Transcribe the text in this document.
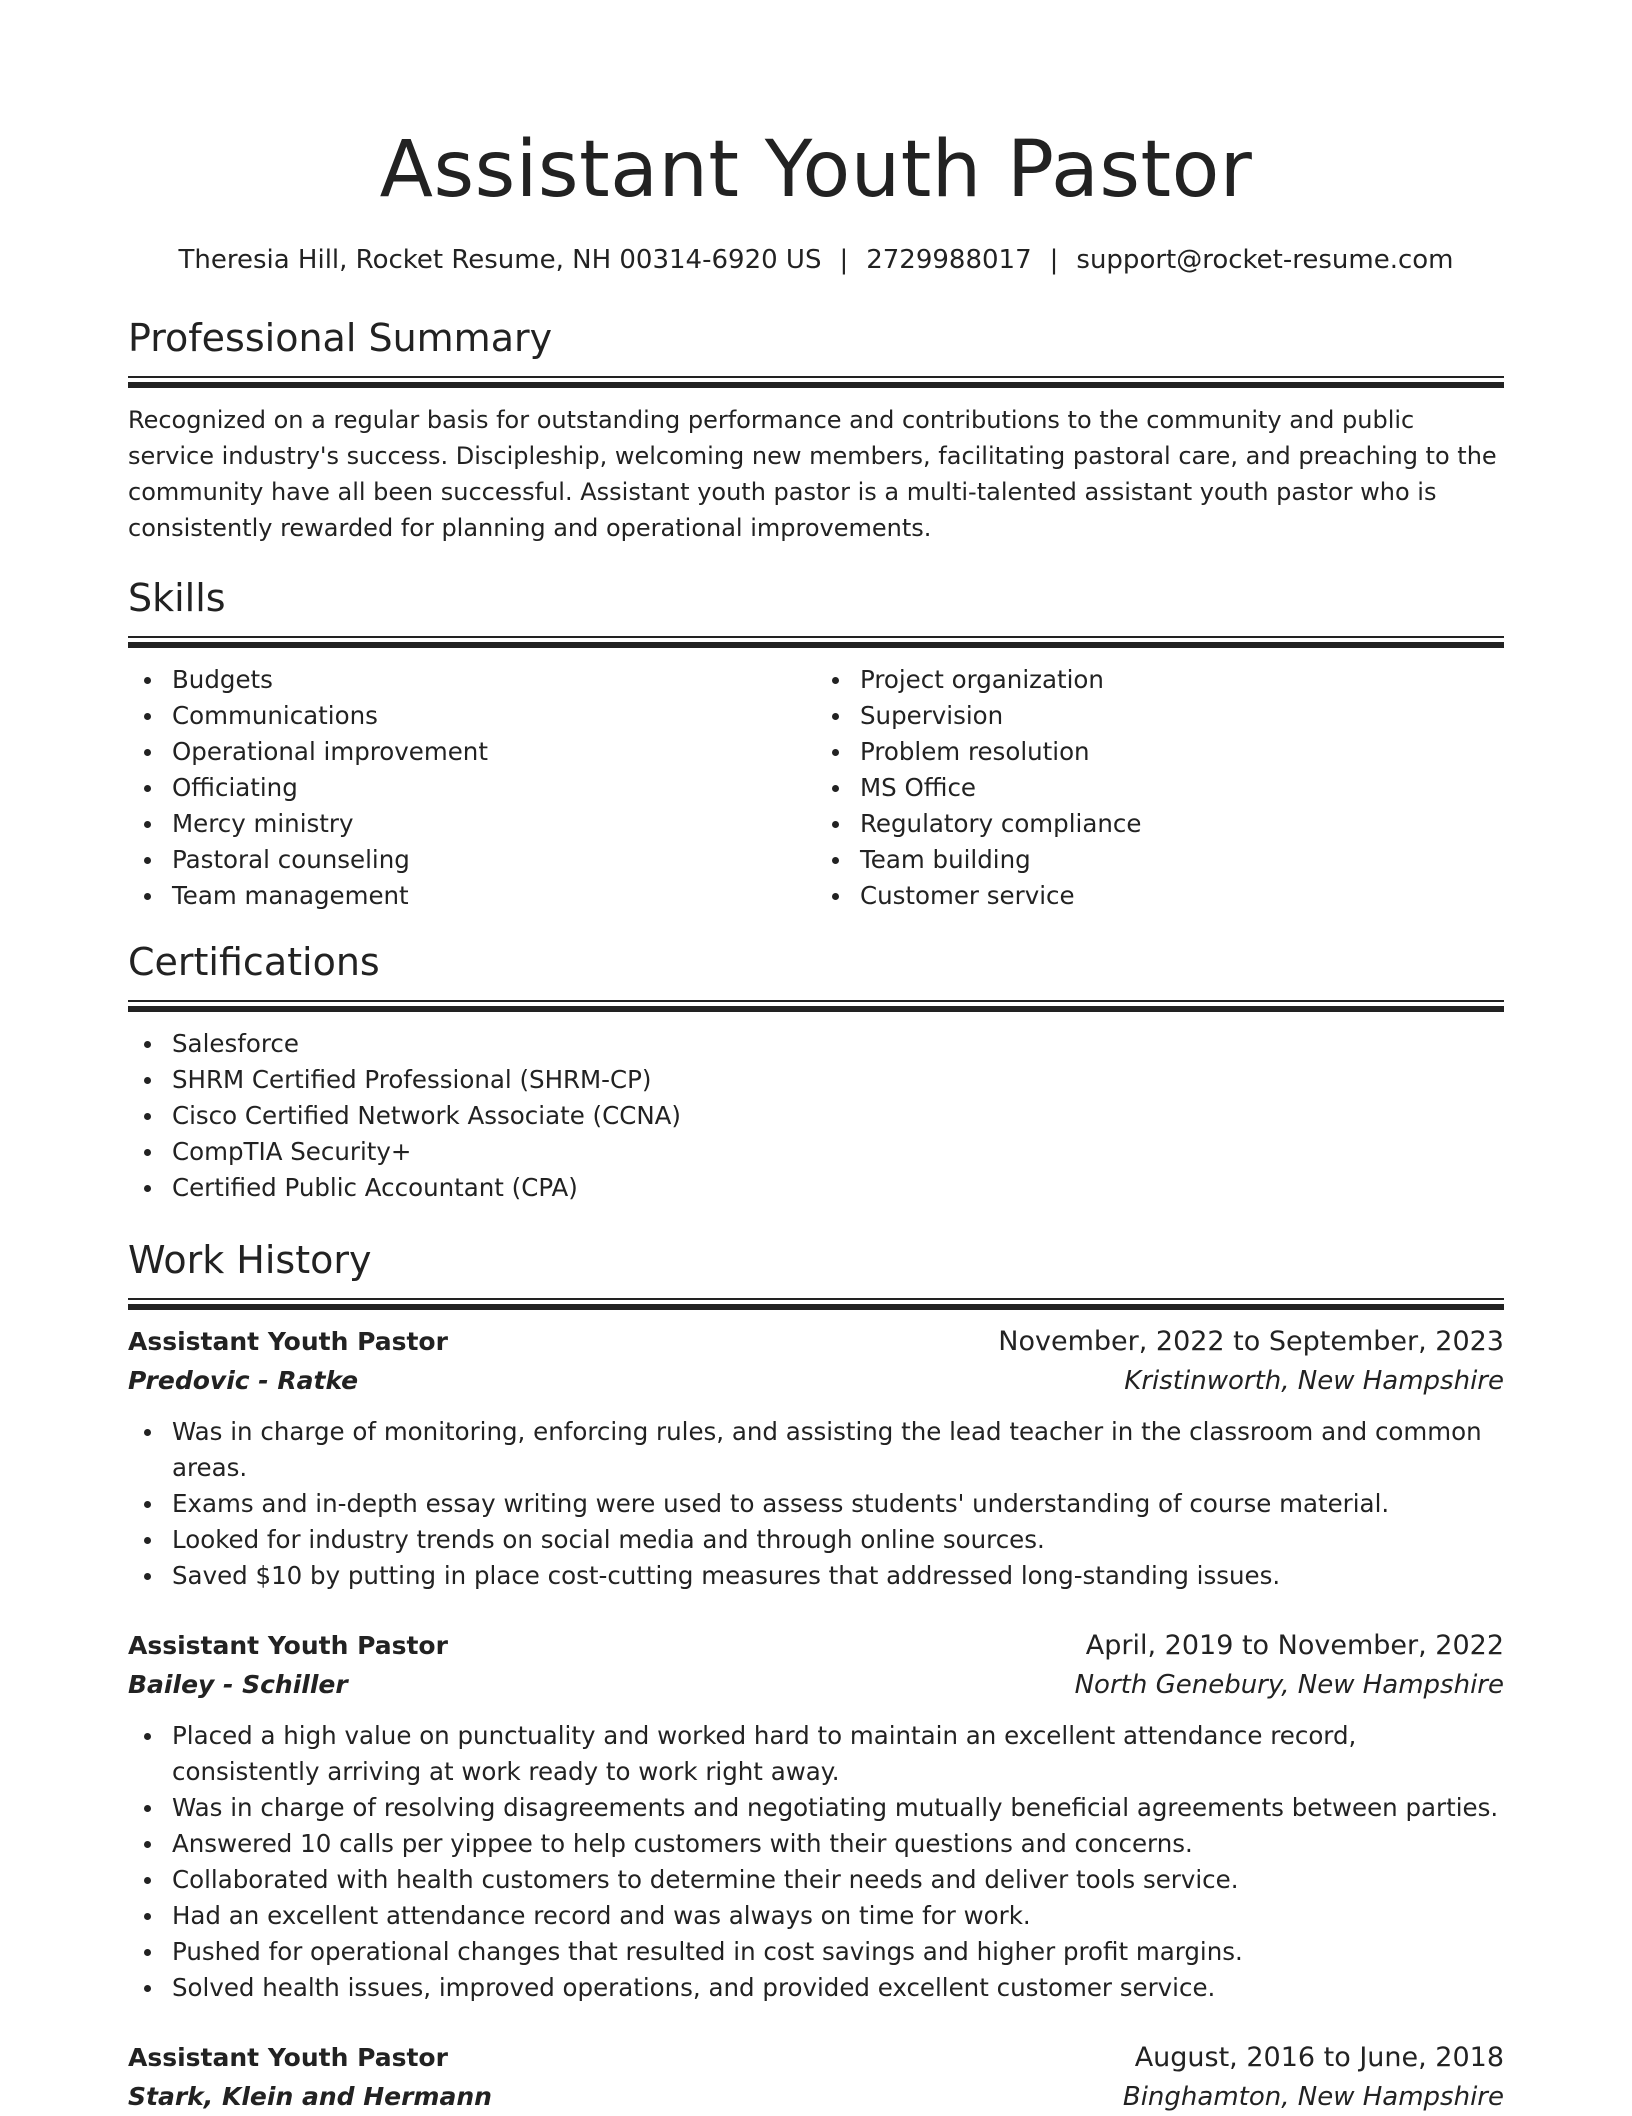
Assistant Youth Pastor
Theresia Hill, Rocket Resume, NH 00314-6920 US | 2729988017 | support@rocket-resume.com
Professional Summary

Recognized on a regular basis for outstanding performance and contributions to the community and public service industry's success. Discipleship, welcoming new members, facilitating pastoral care, and preaching to the community have all been successful. Assistant youth pastor is a multi-talented assistant youth pastor who is consistently rewarded for planning and operational improvements.

Skills
Budgets
Communications
Operational improvement
Officiating
Mercy ministry
Pastoral counseling
Team management
Project organization
Supervision
Problem resolution
MS Office
Regulatory compliance
Team building
Customer service
Certifications
Salesforce
SHRM Certified Professional (SHRM-CP)
Cisco Certified Network Associate (CCNA)
CompTIA Security+
Certified Public Accountant (CPA)
Work History
Assistant Youth Pastor	November, 2022 to September, 2023
Predovic - Ratke	Kristinworth, New Hampshire
Was in charge of monitoring, enforcing rules, and assisting the lead teacher in the classroom and common areas.
Exams and in-depth essay writing were used to assess students' understanding of course material.
Looked for industry trends on social media and through online sources.
Saved $10 by putting in place cost-cutting measures that addressed long-standing issues.
Assistant Youth Pastor	April, 2019 to November, 2022
Bailey - Schiller	North Genebury, New Hampshire
Placed a high value on punctuality and worked hard to maintain an excellent attendance record, consistently arriving at work ready to work right away.
Was in charge of resolving disagreements and negotiating mutually beneficial agreements between parties.
Answered 10 calls per yippee to help customers with their questions and concerns.
Collaborated with health customers to determine their needs and deliver tools service.
Had an excellent attendance record and was always on time for work.
Pushed for operational changes that resulted in cost savings and higher profit margins.
Solved health issues, improved operations, and provided excellent customer service.
Assistant Youth Pastor	August, 2016 to June, 2018
Stark, Klein and Hermann	Binghamton, New Hampshire
